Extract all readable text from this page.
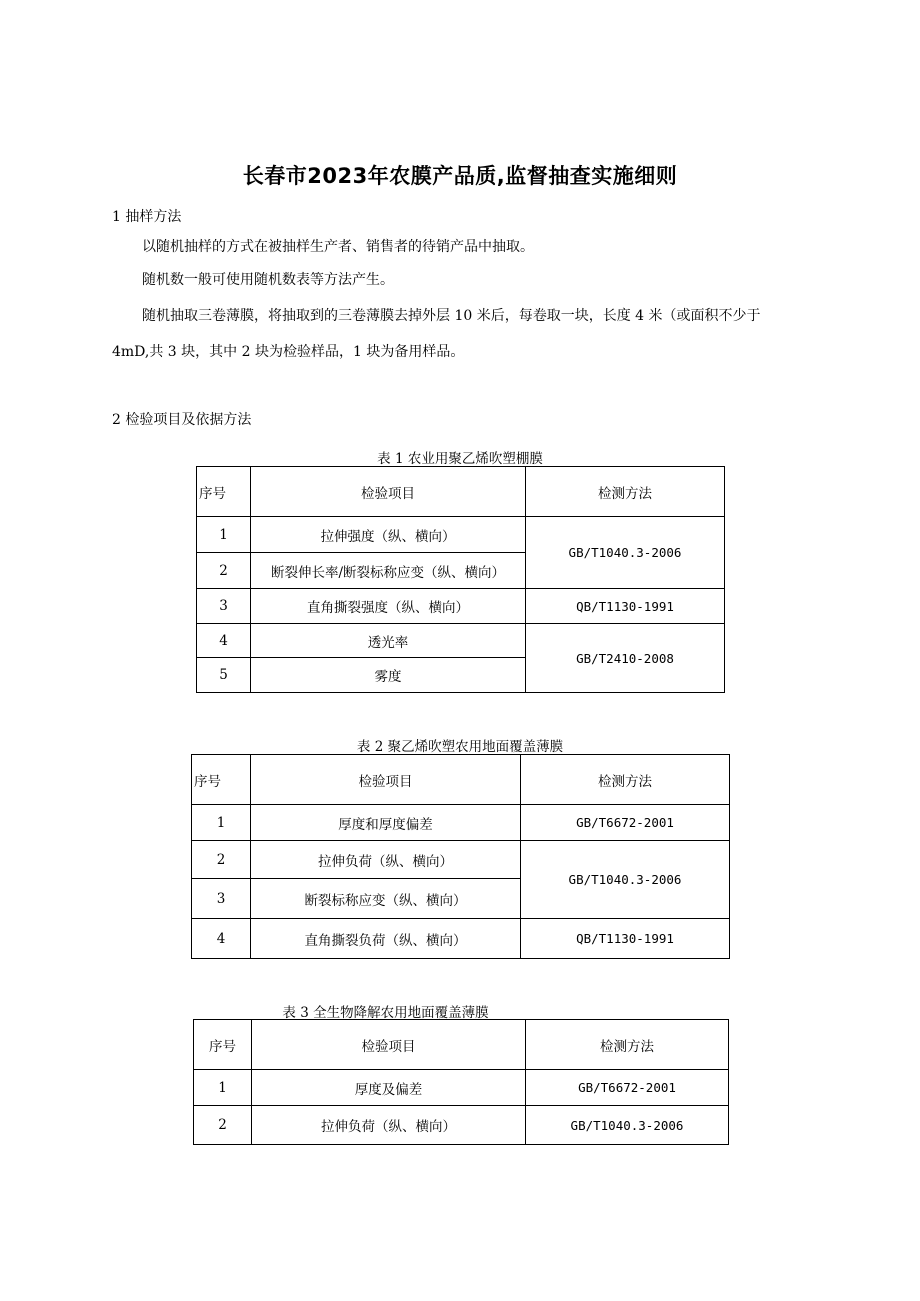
长春市2023年农膜产品质,监督抽查实施细则
1 抽样方法
以随机抽样的方式在被抽样生产者、销售者的待销产品中抽取。
随机数一般可使用随机数表等方法产生。
随机抽取三卷薄膜，将抽取到的三卷薄膜去掉外层 10 米后，每卷取一块，长度 4 米（或面积不少于
4mD,共 3 块，其中 2 块为检验样品，1 块为备用样品。
2 检验项目及依据方法
表 1 农业用聚乙烯吹塑棚膜
序号	检验项目	检测方法
1	拉伸强度（纵、横向）	GB/T1040.3-2006
2	断裂伸长率/断裂标称应变（纵、横向）	
3	直角撕裂强度（纵、横向）	QB/T1130-1991
4	透光率	GB/T2410-2008
5	雾度	
表 2 聚乙烯吹塑农用地面覆盖薄膜
序号	检验项目	检测方法
1	厚度和厚度偏差	GB/T6672-2001
2	拉伸负荷（纵、横向）	GB/T1040.3-2006
3	断裂标称应变（纵、横向）	
4	直角撕裂负荷（纵、横向）	QB/T1130-1991
表 3 全生物降解农用地面覆盖薄膜
序号	检验项目	检测方法
1	厚度及偏差	GB/T6672-2001
2	拉伸负荷（纵、横向）	GB/T1040.3-2006
